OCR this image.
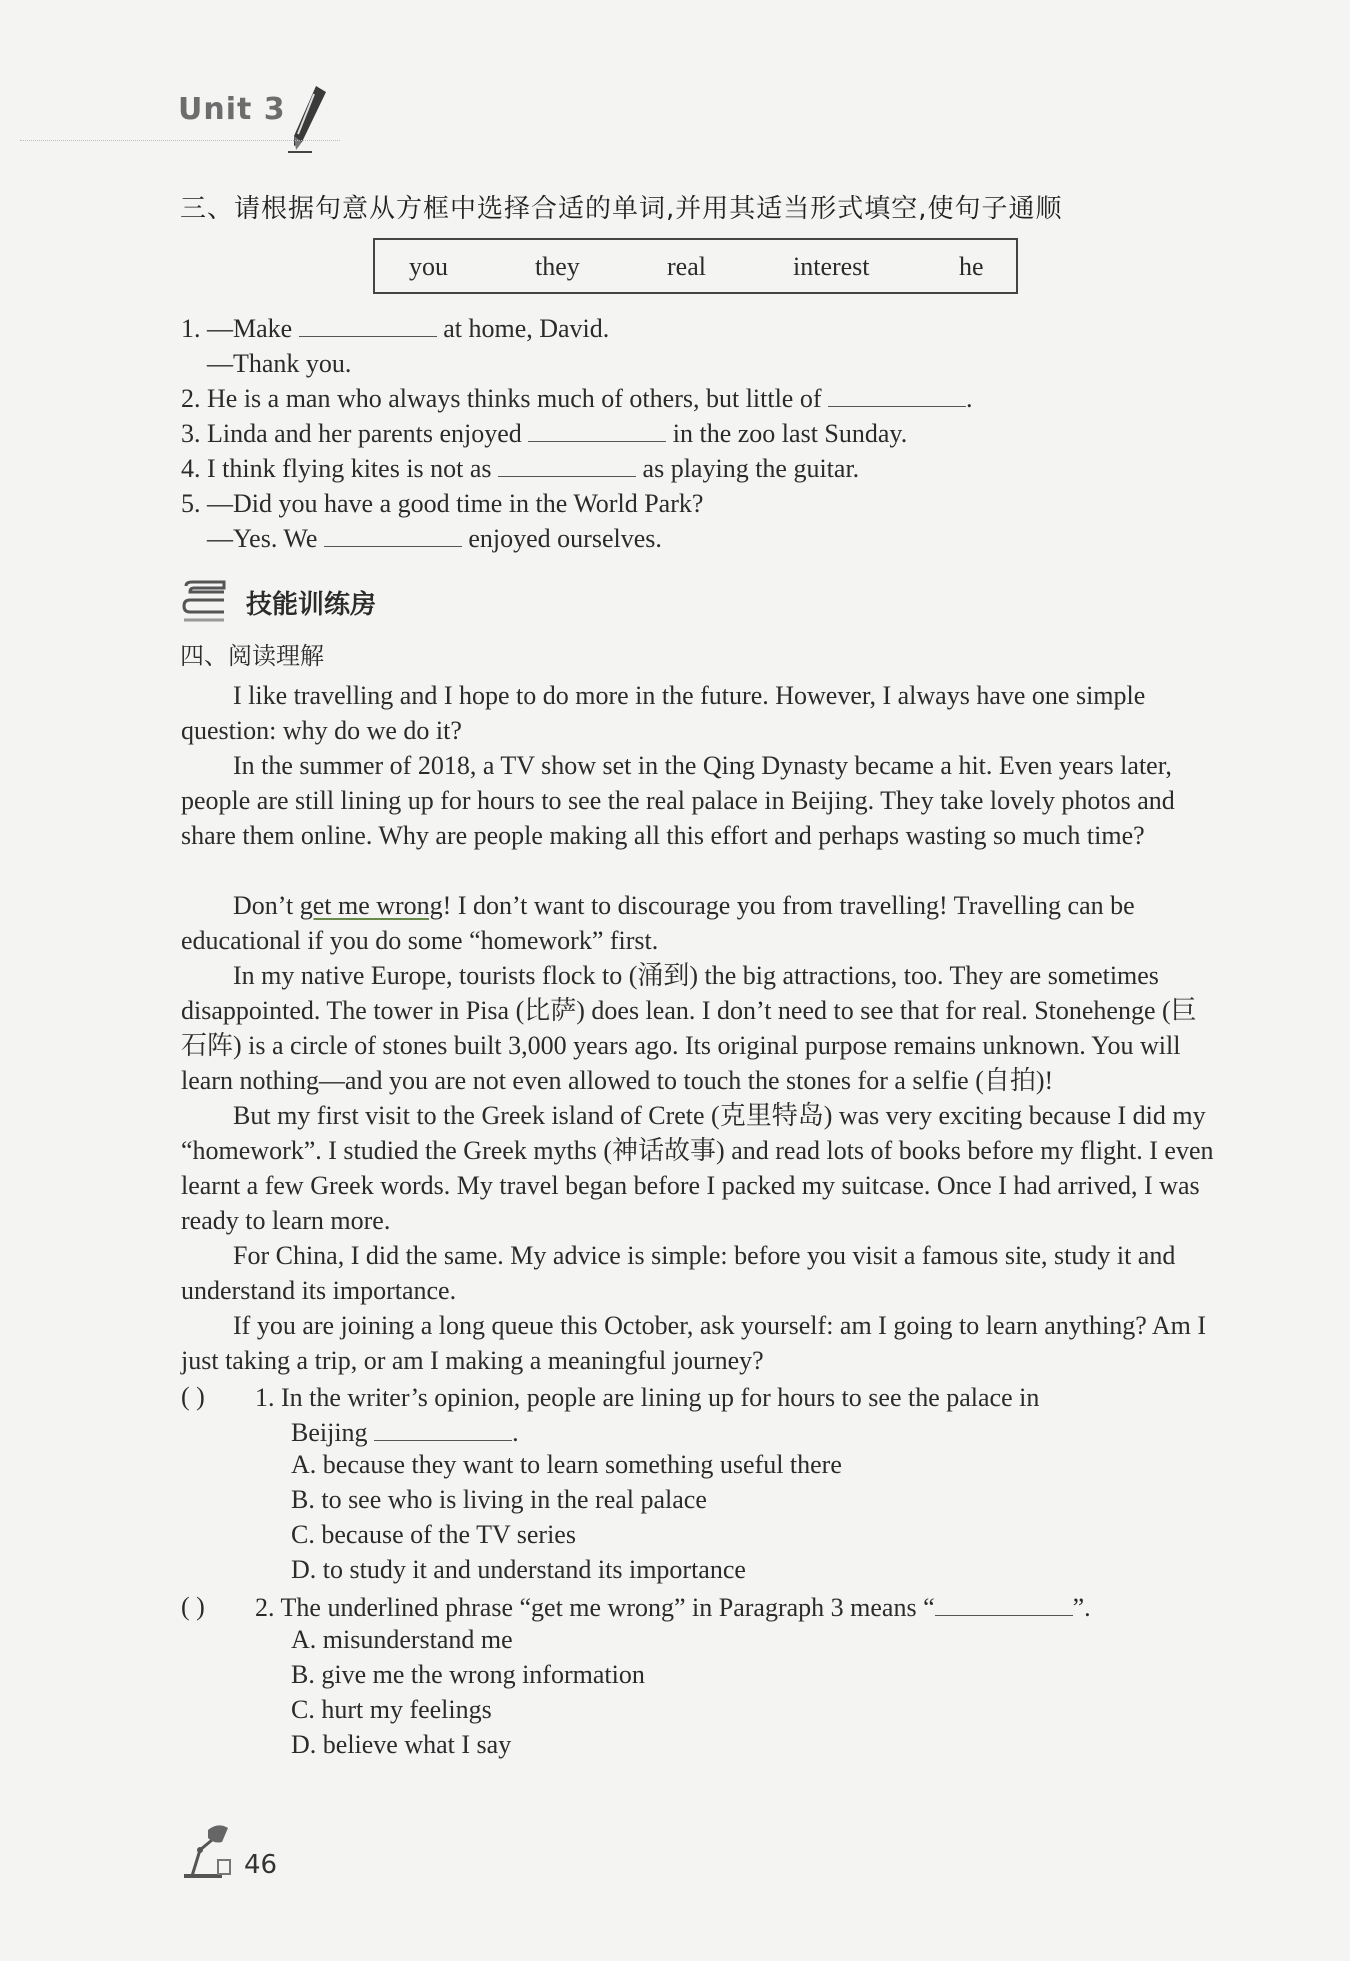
Unit 3
三、请根据句意从方框中选择合适的单词,并用其适当形式填空,使句子通顺
you	they	real	interest	he
1. —Make	at home, David.
—Thank you.
2. He is a man who always thinks much of others, but little of	.
3. Linda and her parents enjoyed	in the zoo last Sunday.
4. I think flying kites is not as	as playing the guitar.
5. —Did you have a good time in the World Park?
—Yes. We	enjoyed ourselves.
技能训练房
四、阅读理解

I like travelling and I hope to do more in the future. However, I always have one simple question: why do we do it?

In the summer of 2018, a TV show set in the Qing Dynasty became a hit. Even years later, people are still lining up for hours to see the real palace in Beijing. They take lovely photos and share them online. Why are people making all this effort and perhaps wasting so much time?

Don’t get me wrong! I don’t want to discourage you from travelling! Travelling can be educational if you do some “homework” first.

In my native Europe, tourists flock to (涌到) the big attractions, too. They are sometimes disappointed. The tower in Pisa (比萨) does lean. I don’t need to see that for real. Stonehenge (巨石阵) is a circle of stones built 3,000 years ago. Its original purpose remains unknown. You will learn nothing—and you are not even allowed to touch the stones for a selfie (自拍)!

But my first visit to the Greek island of Crete (克里特岛) was very exciting because I did my “homework”. I studied the Greek myths (神话故事) and read lots of books before my flight. I even learnt a few Greek words. My travel began before I packed my suitcase. Once I had arrived, I was ready to learn more.

For China, I did the same. My advice is simple: before you visit a famous site, study it and understand its importance.

If you are joining a long queue this October, ask yourself: am I going to learn anything? Am I just taking a trip, or am I making a meaningful journey?

( ) 1. In the writer’s opinion, people are lining up for hours to see the palace in
Beijing	.
A. because they want to learn something useful there
B. to see who is living in the real palace
C. because of the TV series
D. to study it and understand its importance
( ) 2. The underlined phrase “get me wrong” in Paragraph 3 means “	”.
A. misunderstand me
B. give me the wrong information
C. hurt my feelings
D. believe what I say
46
